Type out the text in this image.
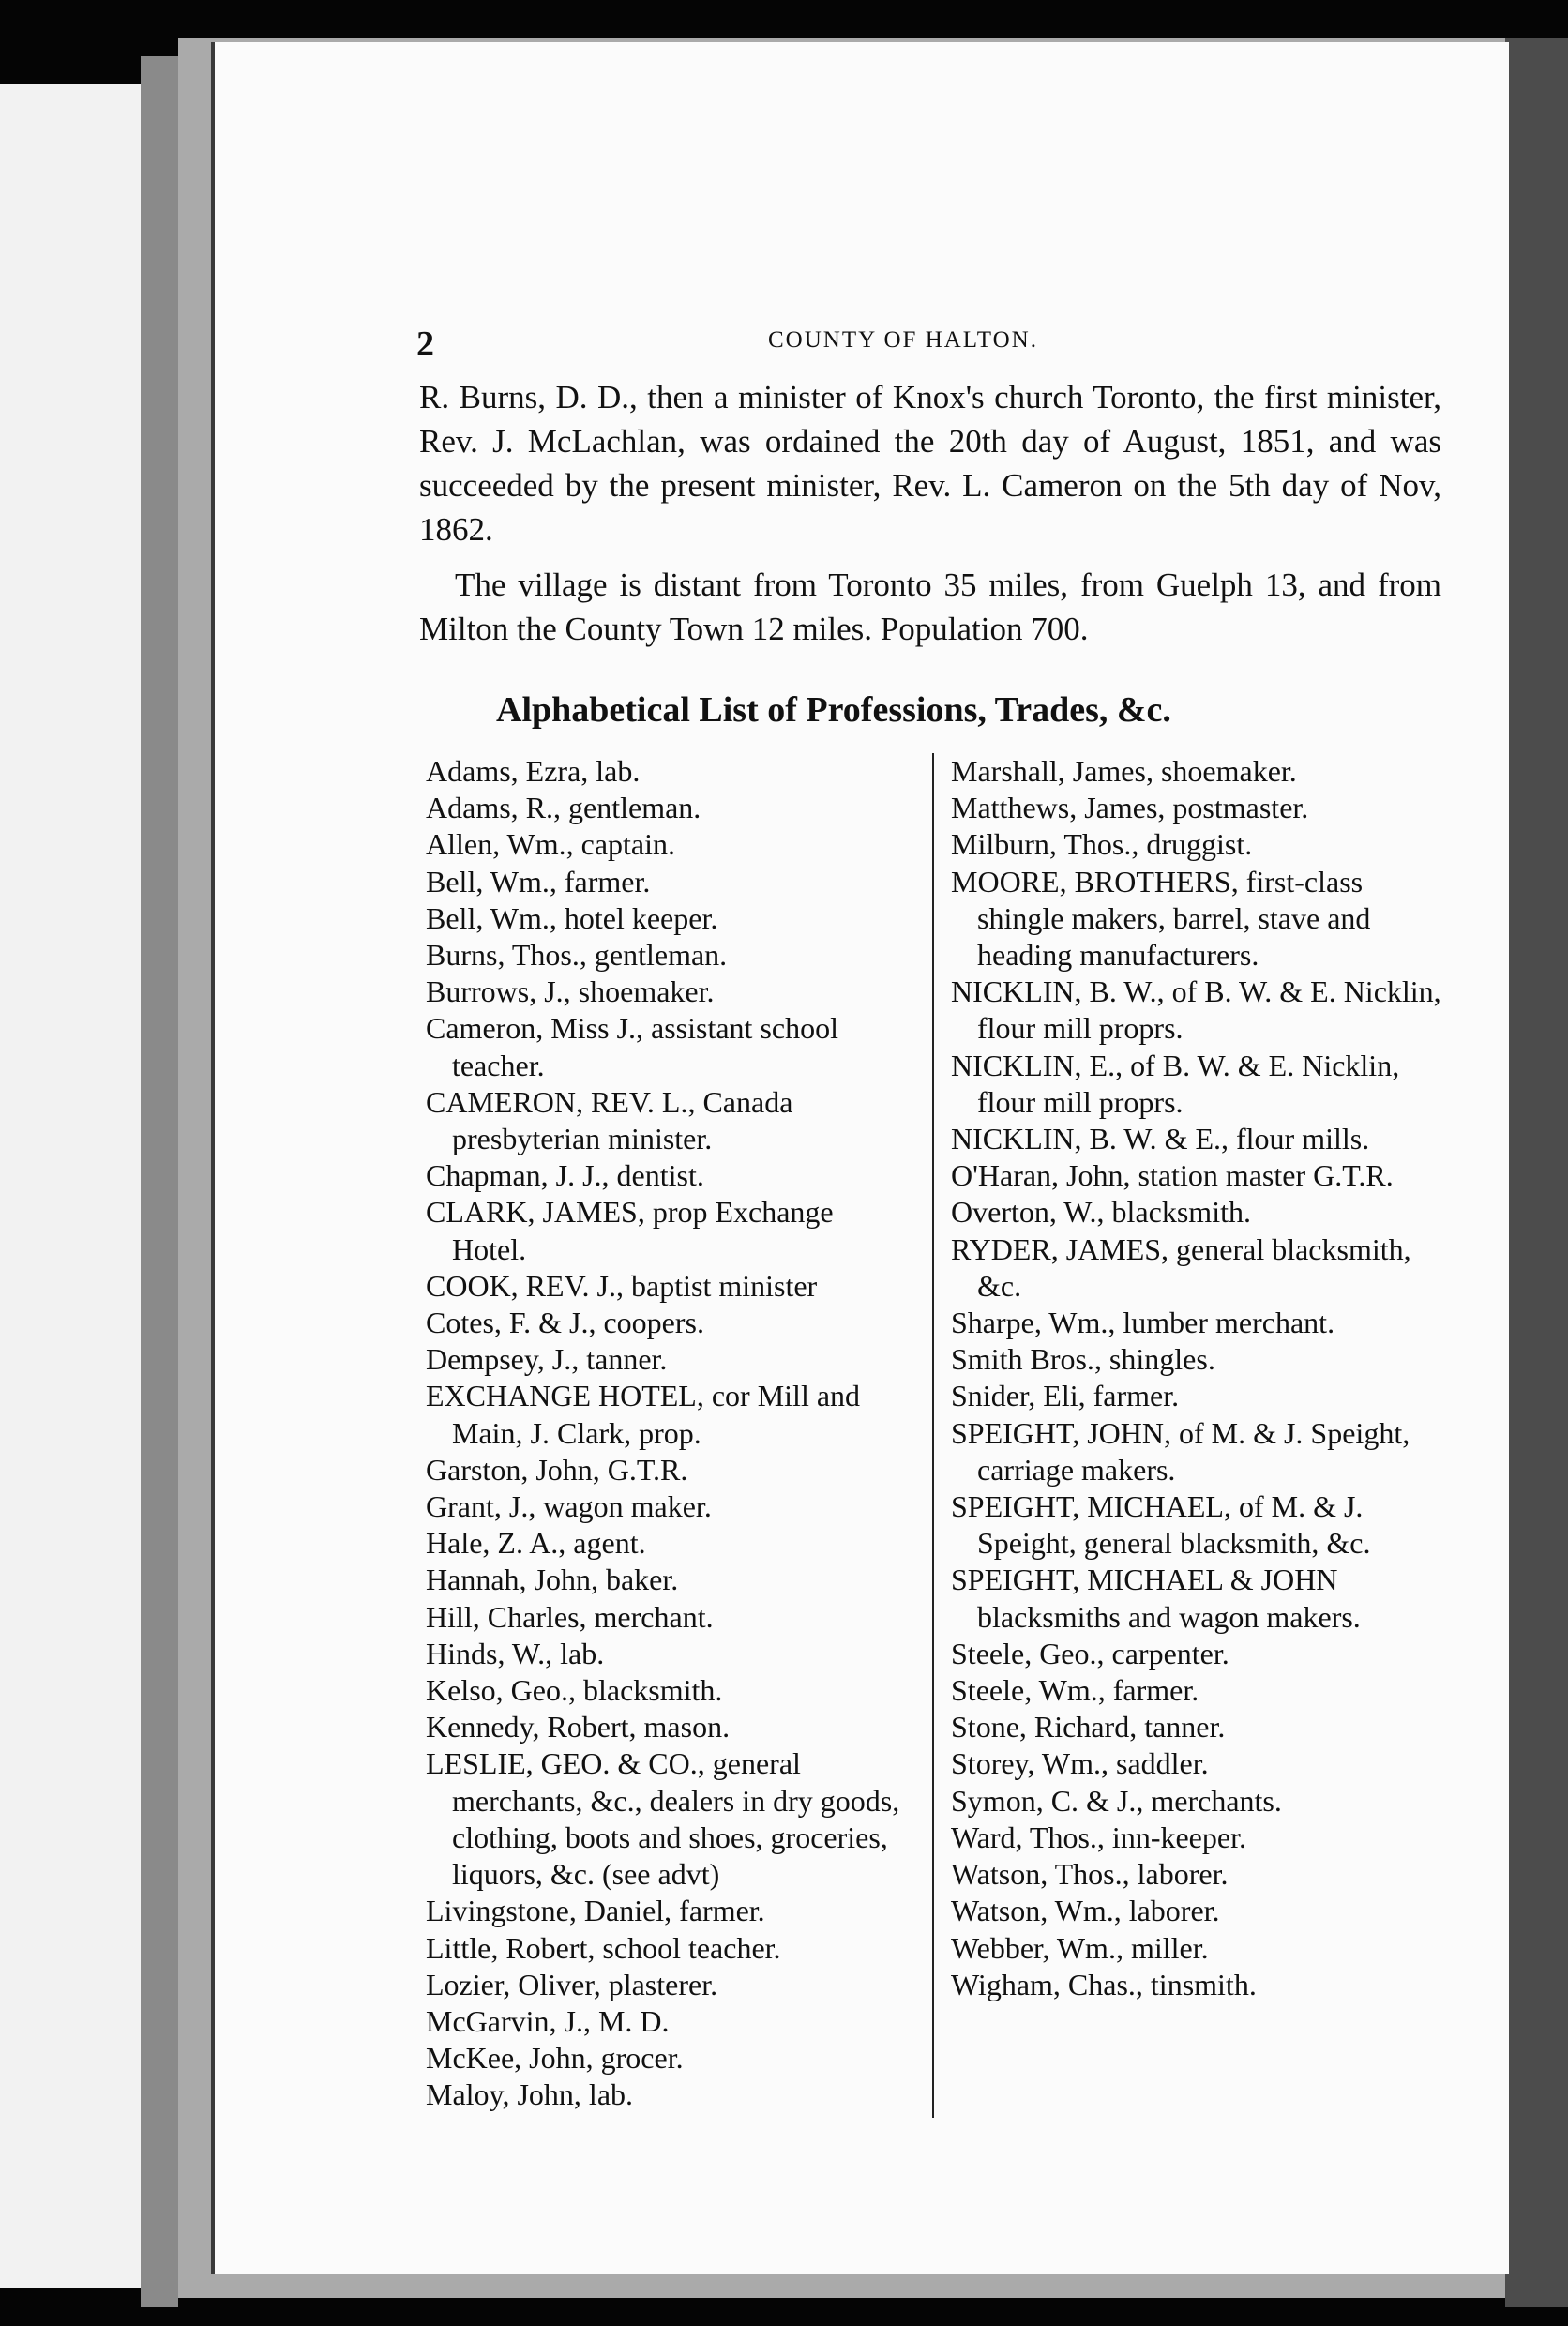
2	COUNTY OF HALTON.

R. Burns, D. D., then a minister of Knox's church Toronto, the first minister, Rev. J. McLachlan, was ordained the 20th day of August, 1851, and was succeeded by the present minister, Rev. L. Cameron on the 5th day of Nov, 1862.

The village is distant from Toronto 35 miles, from Guelph 13, and from Milton the County Town 12 miles. Population 700.

Alphabetical List of Professions, Trades, &c.
Adams, Ezra, lab.
Adams, R., gentleman.
Allen, Wm., captain.
Bell, Wm., farmer.
Bell, Wm., hotel keeper.
Burns, Thos., gentleman.
Burrows, J., shoemaker.
Cameron, Miss J., assistant school teacher.
CAMERON, REV. L., Canada presbyterian minister.
Chapman, J. J., dentist.
CLARK, JAMES, prop Exchange Hotel.
COOK, REV. J., baptist minister
Cotes, F. & J., coopers.
Dempsey, J., tanner.
EXCHANGE HOTEL, cor Mill and Main, J. Clark, prop.
Garston, John, G.T.R.
Grant, J., wagon maker.
Hale, Z. A., agent.
Hannah, John, baker.
Hill, Charles, merchant.
Hinds, W., lab.
Kelso, Geo., blacksmith.
Kennedy, Robert, mason.
LESLIE, GEO. & CO., general merchants, &c., dealers in dry goods, clothing, boots and shoes, groceries, liquors, &c. (see advt)
Livingstone, Daniel, farmer.
Little, Robert, school teacher.
Lozier, Oliver, plasterer.
McGarvin, J., M. D.
McKee, John, grocer.
Maloy, John, lab.
Marshall, James, shoemaker.
Matthews, James, postmaster.
Milburn, Thos., druggist.
MOORE, BROTHERS, first-class shingle makers, barrel, stave and heading manufacturers.
NICKLIN, B. W., of B. W. & E. Nicklin, flour mill proprs.
NICKLIN, E., of B. W. & E. Nicklin, flour mill proprs.
NICKLIN, B. W. & E., flour mills.
O'Haran, John, station master G.T.R.
Overton, W., blacksmith.
RYDER, JAMES, general blacksmith, &c.
Sharpe, Wm., lumber merchant.
Smith Bros., shingles.
Snider, Eli, farmer.
SPEIGHT, JOHN, of M. & J. Speight, carriage makers.
SPEIGHT, MICHAEL, of M. & J. Speight, general blacksmith, &c.
SPEIGHT, MICHAEL & JOHN blacksmiths and wagon makers.
Steele, Geo., carpenter.
Steele, Wm., farmer.
Stone, Richard, tanner.
Storey, Wm., saddler.
Symon, C. & J., merchants.
Ward, Thos., inn-keeper.
Watson, Thos., laborer.
Watson, Wm., laborer.
Webber, Wm., miller.
Wigham, Chas., tinsmith.
